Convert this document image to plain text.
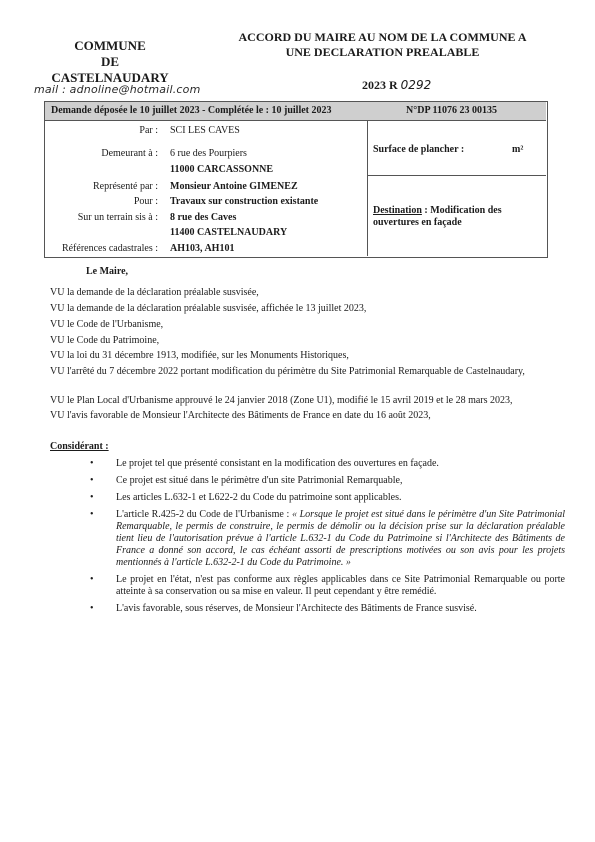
COMMUNE
DE
CASTELNAUDARY
mail : adnoline@hotmail.com
ACCORD DU MAIRE AU NOM DE LA COMMUNE A
UNE DECLARATION PREALABLE
2023 R 0292
Demande déposée le 10 juillet 2023 - Complétée le : 10 juillet 2023	N°DP 11076 23 00135
Par : SCI LES CAVES
Demeurant à : 6 rue des Pourpiers
11000 CARCASSONNE
Représenté par : Monsieur Antoine GIMENEZ
Pour : Travaux sur construction existante
Sur un terrain sis à : 8 rue des Caves
11400 CASTELNAUDARY
Références cadastrales : AH103, AH101
Surface de plancher :	m²
Destination : Modification des ouvertures en façade
Le Maire,
VU la demande de la déclaration préalable susvisée,
VU la demande de la déclaration préalable susvisée, affichée le 13 juillet 2023,
VU le Code de l'Urbanisme,
VU le Code du Patrimoine,
VU la loi du 31 décembre 1913, modifiée, sur les Monuments Historiques,
VU l'arrêté du 7 décembre 2022 portant modification du périmètre du Site Patrimonial Remarquable de Castelnaudary,
VU le Plan Local d'Urbanisme approuvé le 24 janvier 2018 (Zone U1), modifié le 15 avril 2019 et le 28 mars 2023,
VU l'avis favorable de Monsieur l'Architecte des Bâtiments de France en date du 16 août 2023,
Considérant :
• Le projet tel que présenté consistant en la modification des ouvertures en façade.
• Ce projet est situé dans le périmètre d'un site Patrimonial Remarquable,
• Les articles L.632-1 et L622-2 du Code du patrimoine sont applicables.
• L'article R.425-2 du Code de l'Urbanisme : « Lorsque le projet est situé dans le périmètre d'un Site Patrimonial Remarquable, le permis de construire, le permis de démolir ou la décision prise sur la déclaration préalable tient lieu de l'autorisation prévue à l'article L.632-1 du Code du Patrimoine si l'Architecte des Bâtiments de France a donné son accord, le cas échéant assorti de prescriptions motivées ou son avis pour les projets mentionnés à l'article L.632-2-1 du Code du Patrimoine. »
• Le projet en l'état, n'est pas conforme aux règles applicables dans ce Site Patrimonial Remarquable ou porte atteinte à sa conservation ou sa mise en valeur. Il peut cependant y être remédié.
• L'avis favorable, sous réserves, de Monsieur l'Architecte des Bâtiments de France susvisé.
